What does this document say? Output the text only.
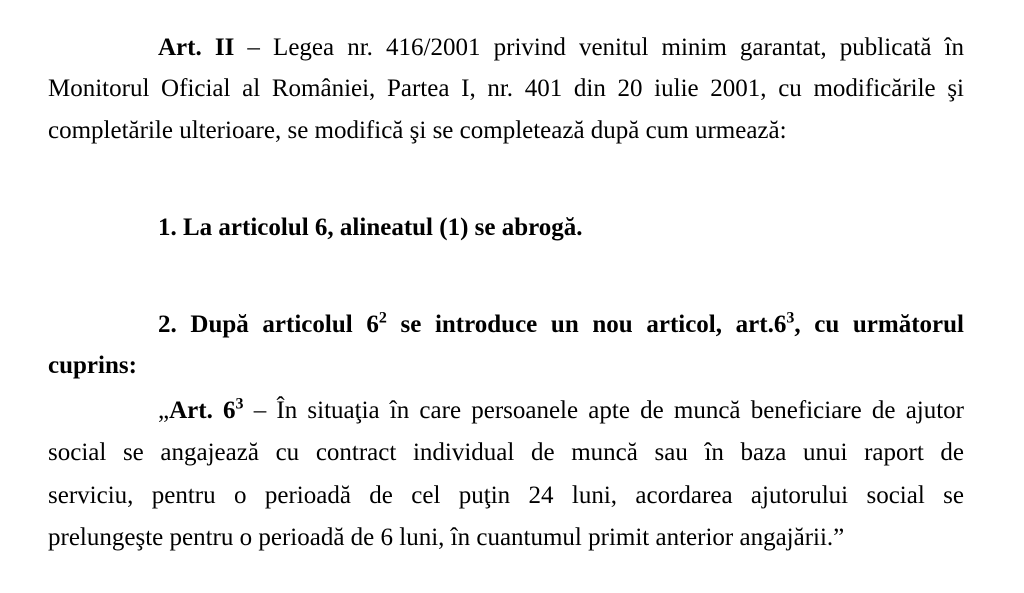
Art. II – Legea nr. 416/2001 privind venitul minim garantat, publicată în
Monitorul Oficial al României, Partea I, nr. 401 din 20 iulie 2001, cu modificările şi
completările ulterioare, se modifică şi se completează după cum urmează:
1. La articolul 6, alineatul (1) se abrogă.
2. După articolul $6^2$ se introduce un nou articol, $art.6^3$, cu următorul
cuprins:
„Art. $6^3$ – În situaţia în care persoanele apte de muncă beneficiare de ajutor
social se angajează cu contract individual de muncă sau în baza unui raport de
serviciu, pentru o perioadă de cel puţin 24 luni, acordarea ajutorului social se
prelungeşte pentru o perioadă de 6 luni, în cuantumul primit anterior angajării.”
